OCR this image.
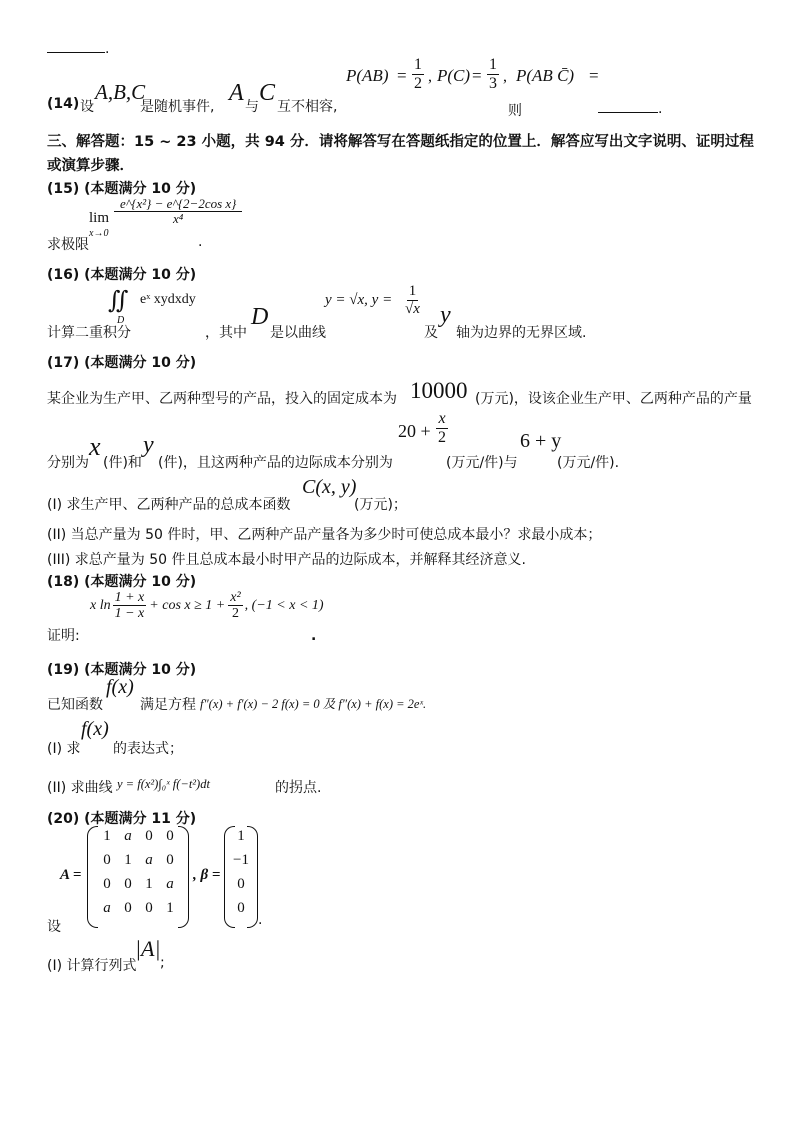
.
(14) 设
A,B,C
是随机事件,
A
与
C
互不相容,
$P(AB) = \frac{1}{2}$ , $P(C) = \frac{1}{3}$ , P(AB C̄) =
则	.
三、解答题：15 ~ 23 小题，共 94 分．请将解答写在答题纸指定的位置上．解答应写出文字说明、证明过程
或演算步骤．
(15) (本题满分 10 分)
lim
x→0
$\frac{\text{e\textasciicircum{}\{x²\} − e\textasciicircum{}\{2−2cos x\}}}{\text{x⁴}}$
求极限	.
(16) (本题满分 10 分)
∬
D
eˣ xydxdy
计算二重积分	，其中
D
是以曲线
y = √x, $y = \frac{1}{√x}$
及
y
轴为边界的无界区域.
(17) (本题满分 10 分)
某企业为生产甲、乙两种型号的产品，投入的固定成本为 10000 (万元)，设该企业生产甲、乙两种产品的产量
分别为
x
(件)和
y
(件)，且这两种产品的边际成本分别为
$20 + \frac{x}{2}$
(万元/件)与
6 + y
(万元/件).
(I) 求生产甲、乙两种产品的总成本函数
C(x, y)
(万元)；
(II) 当总产量为 50 件时，甲、乙两种产品产量各为多少时可使总成本最小？求最小成本；
(III) 求总产量为 50 件且总成本最小时甲产品的边际成本，并解释其经济意义.
(18) (本题满分 10 分)
证明:
x $\ln \frac{1 + x}{1 - x} + \cos x \ge 1 + \frac{\text{x²}}{2}$ , (−1 < x < 1)
.
(19) (本题满分 10 分)
已知函数
f(x)
满足方程 f″(x) + f′(x) − 2 f(x) = 0 及 f″(x) + f(x) = 2eˣ.
(I) 求
f(x)
的表达式；
(II) 求曲线 y = f(x²)∫₀ˣ f(−t²)dt	的拐点.
(20) (本题满分 11 分)
设
A =
1 a 0 0
0 1 a 0
0 0 1 a
a 0 0 1
, β =
1
−1
0
0
.
(I) 计算行列式
|A|
;
